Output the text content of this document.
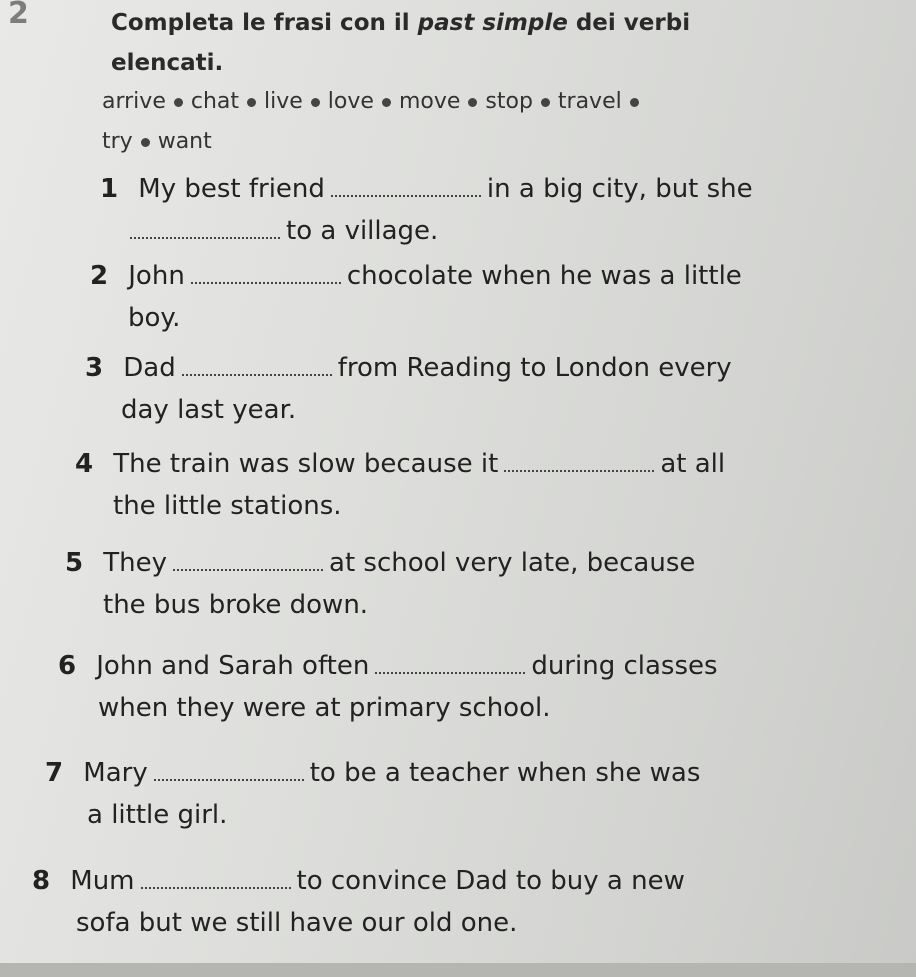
2	Completa le frasi con il past simple dei verbi elencati.
arrive chat live love move stop travel
try want
1 My best friend	in a big city, but she
to a village.
2 John	chocolate when he was a little
boy.
3 Dad	from Reading to London every
day last year.
4 The train was slow because it	at all
the little stations.
5 They	at school very late, because
the bus broke down.
6 John and Sarah often	during classes
when they were at primary school.
7 Mary	to be a teacher when she was
a little girl.
8 Mum	to convince Dad to buy a new
sofa but we still have our old one.
